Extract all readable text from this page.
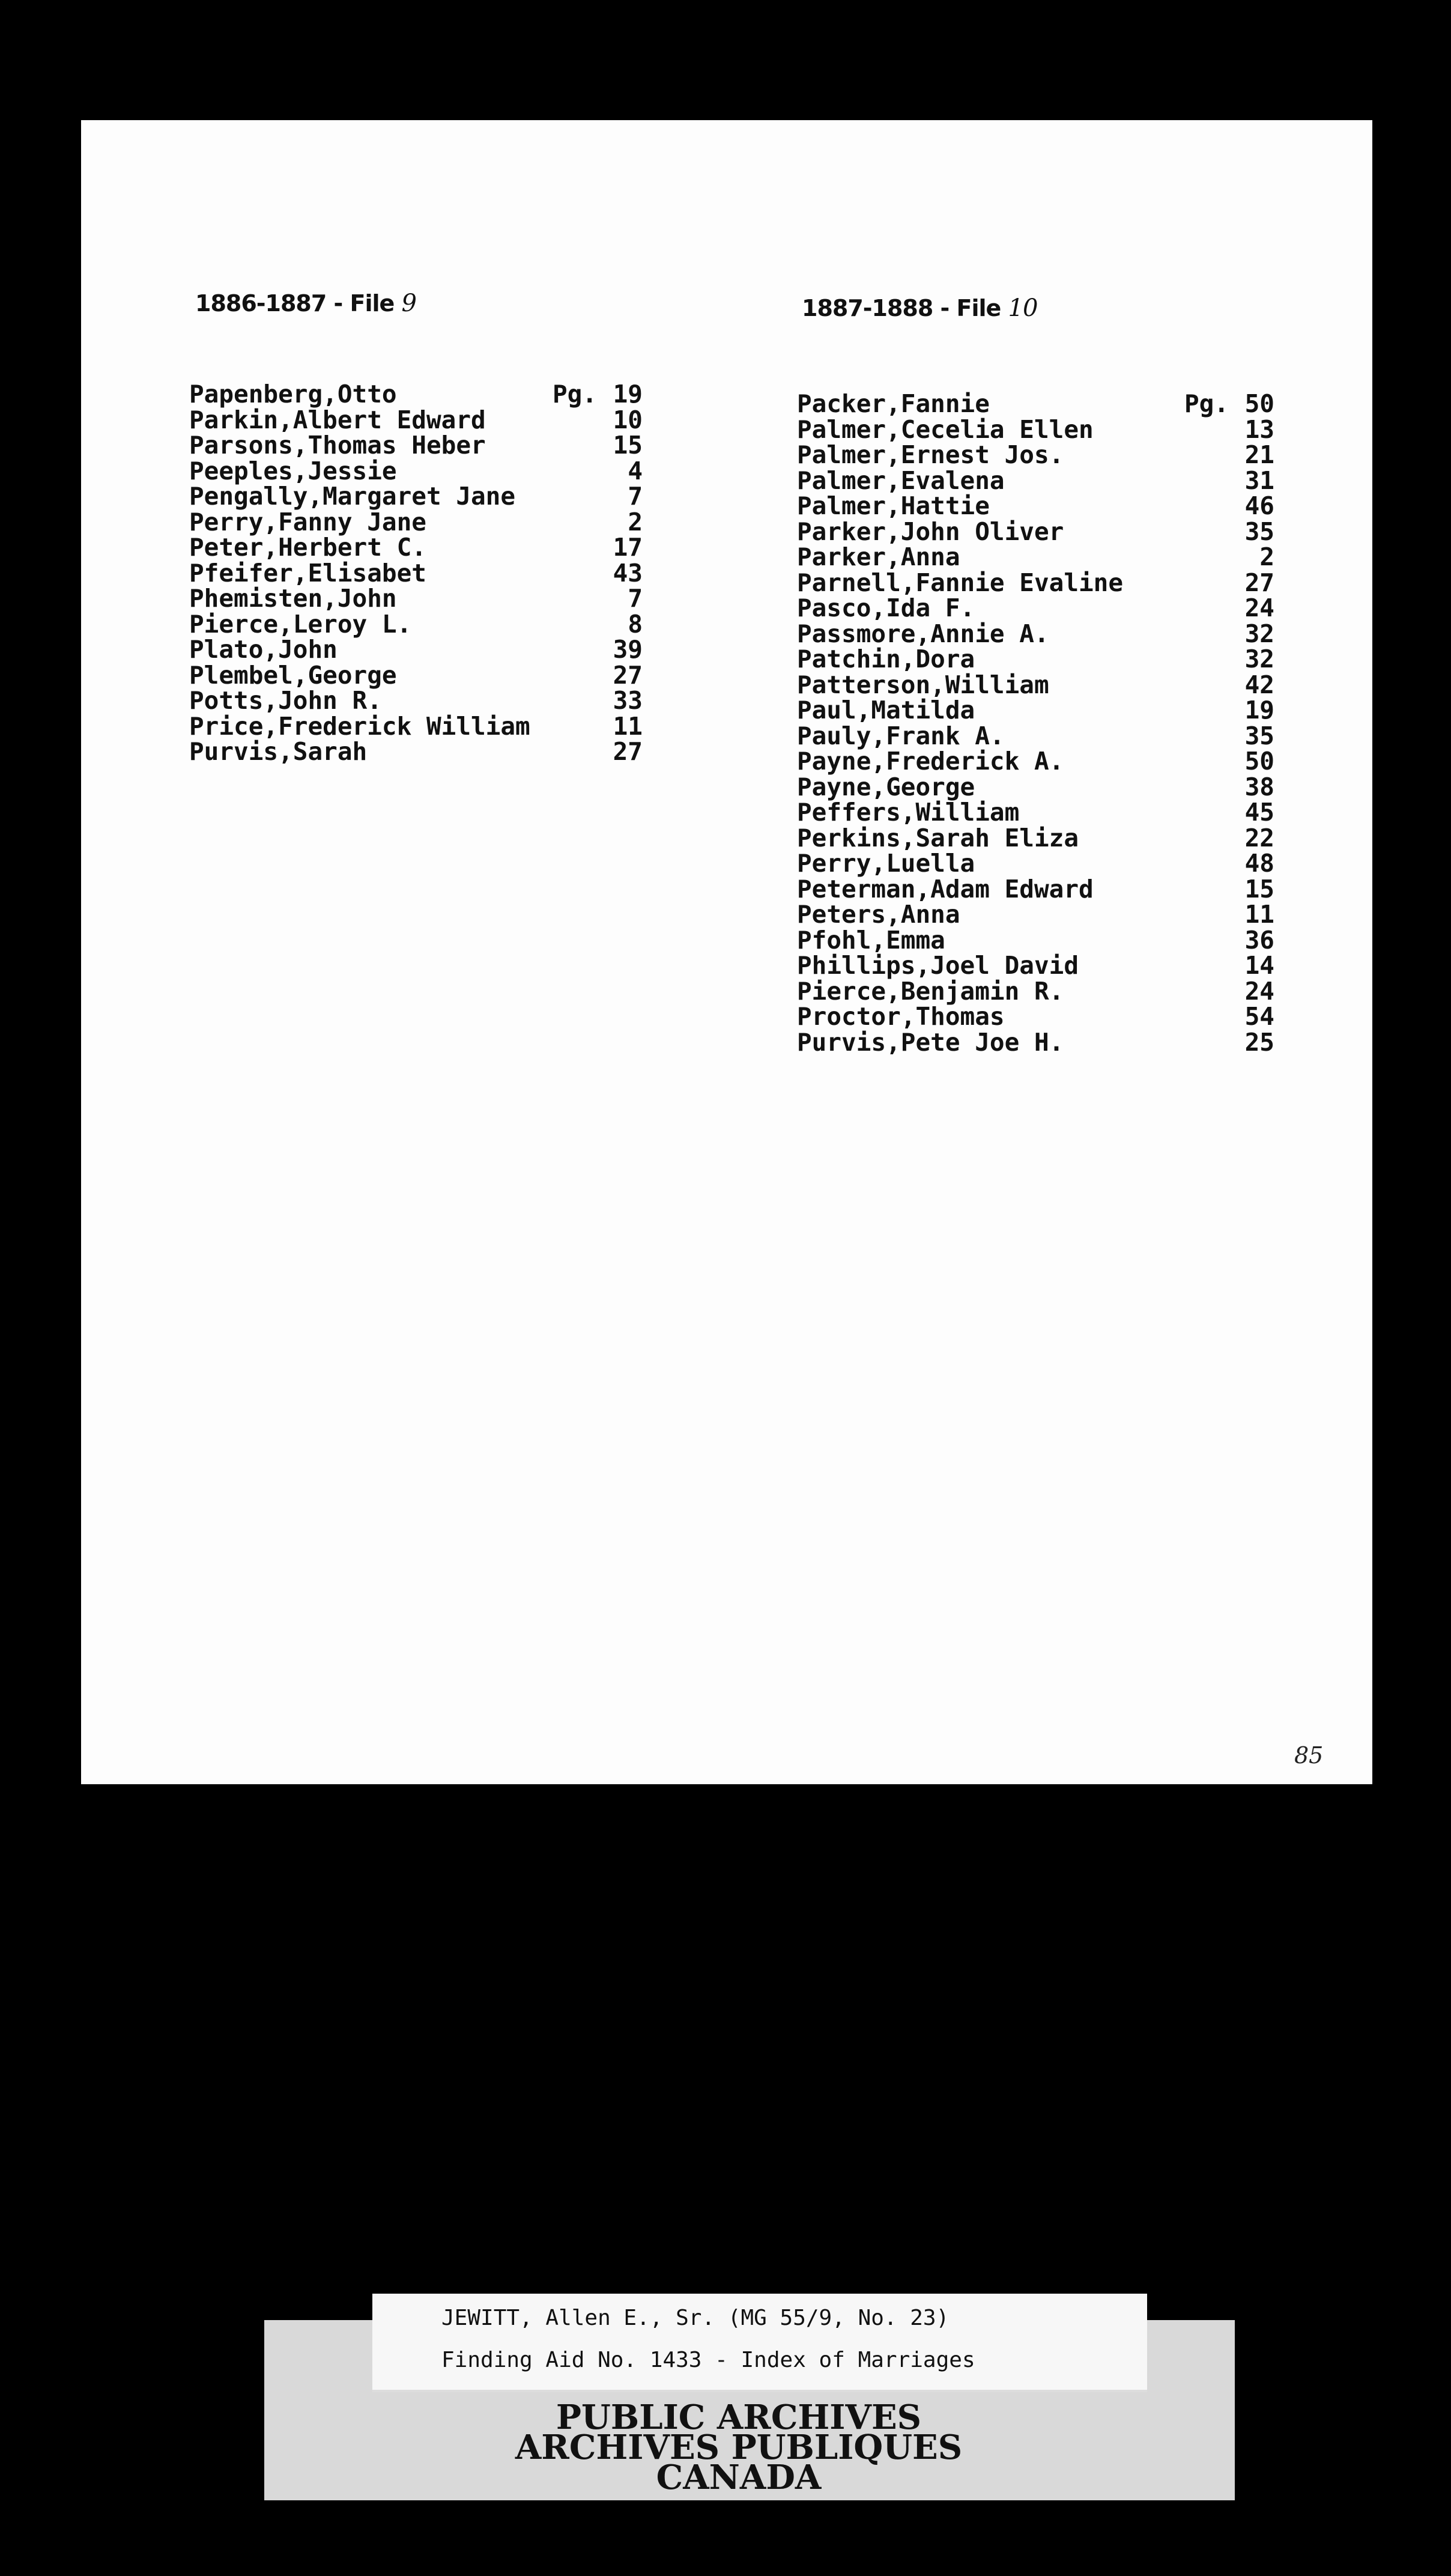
1886-1887 - File 9	1887-1888 - File 10
Papenberg,Otto	Pg. 19
Parkin,Albert Edward	10
Parsons,Thomas Heber	15
Peeples,Jessie	4
Pengally,Margaret Jane	7
Perry,Fanny Jane	2
Peter,Herbert C.	17
Pfeifer,Elisabet	43
Phemisten,John	7
Pierce,Leroy L.	8
Plato,John	39
Plembel,George	27
Potts,John R.	33
Price,Frederick William	11
Purvis,Sarah	27
Packer,Fannie	Pg. 50
Palmer,Cecelia Ellen	13
Palmer,Ernest Jos.	21
Palmer,Evalena	31
Palmer,Hattie	46
Parker,John Oliver	35
Parker,Anna	2
Parnell,Fannie Evaline	27
Pasco,Ida F.	24
Passmore,Annie A.	32
Patchin,Dora	32
Patterson,William	42
Paul,Matilda	19
Pauly,Frank A.	35
Payne,Frederick A.	50
Payne,George	38
Peffers,William	45
Perkins,Sarah Eliza	22
Perry,Luella	48
Peterman,Adam Edward	15
Peters,Anna	11
Pfohl,Emma	36
Phillips,Joel David	14
Pierce,Benjamin R.	24
Proctor,Thomas	54
Purvis,Pete Joe H.	25
85
JEWITT, Allen E., Sr. (MG 55/9, No. 23)
Finding Aid No. 1433 - Index of Marriages
PUBLIC ARCHIVES
ARCHIVES PUBLIQUES
CANADA
